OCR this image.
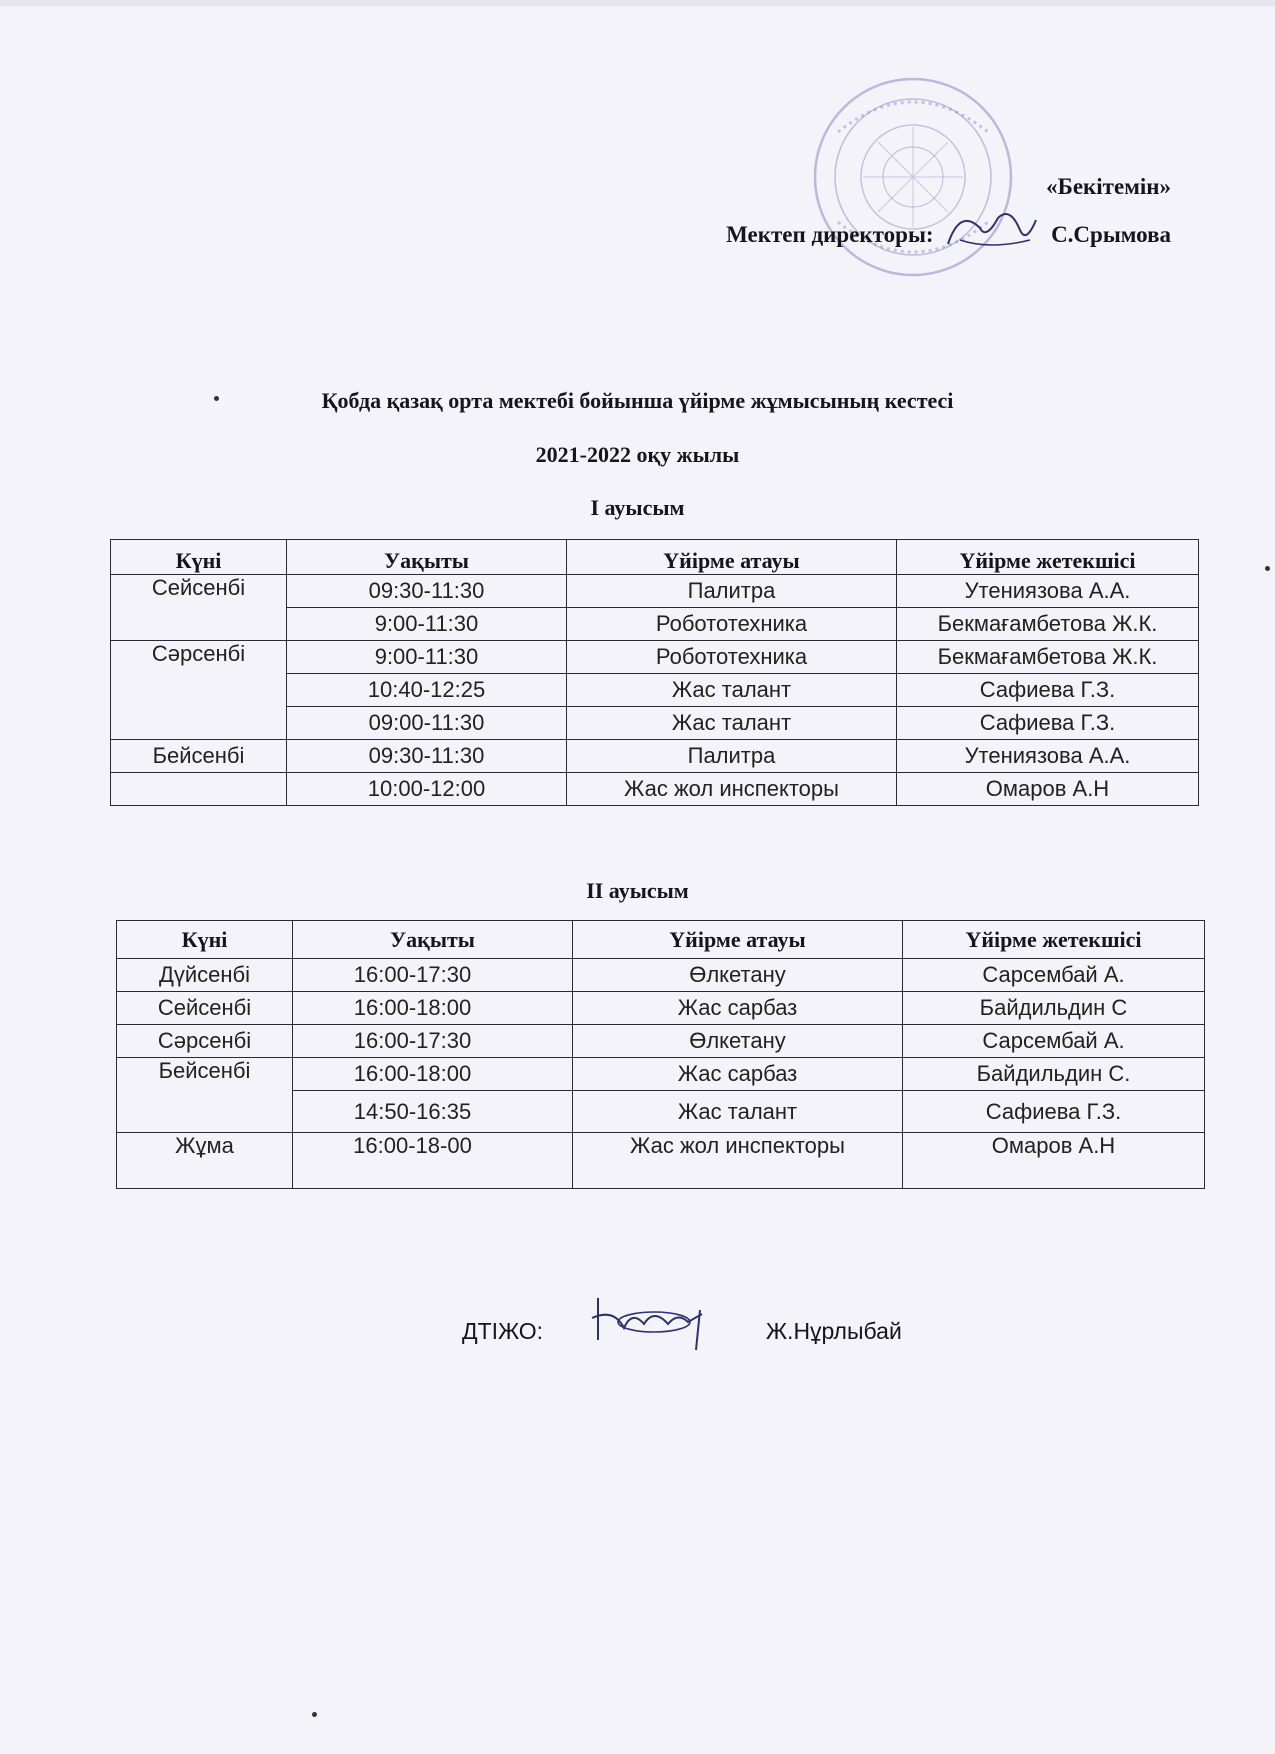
«Бекітемін»
Мектеп директоры:	С.Срымова
Қобда қазақ орта мектебі бойынша үйірме жұмысының кестесі
2021-2022 оқу жылы
І ауысым
Күні	Уақыты	Үйірме атауы	Үйірме жетекшісі
Сейсенбі	09:30-11:30	Палитра	Утениязова А.А.
	9:00-11:30	Робототехника	Бекмағамбетова Ж.К.
Сәрсенбі	9:00-11:30	Робототехника	Бекмағамбетова Ж.К.
	10:40-12:25	Жас талант	Сафиева Г.З.
	09:00-11:30	Жас талант	Сафиева Г.З.
Бейсенбі	09:30-11:30	Палитра	Утениязова А.А.
	10:00-12:00	Жас жол инспекторы	Омаров А.Н
ІІ ауысым
Күні	Уақыты	Үйірме атауы	Үйірме жетекшісі
Дүйсенбі	16:00-17:30	Өлкетану	Сарсембай А.
Сейсенбі	16:00-18:00	Жас сарбаз	Байдильдин С
Сәрсенбі	16:00-17:30	Өлкетану	Сарсембай А.
Бейсенбі	16:00-18:00	Жас сарбаз	Байдильдин С.
	14:50-16:35	Жас талант	Сафиева Г.З.
Жұма	16:00-18-00	Жас жол инспекторы	Омаров А.Н
ДТІЖО:	Ж.Нұрлыбай
